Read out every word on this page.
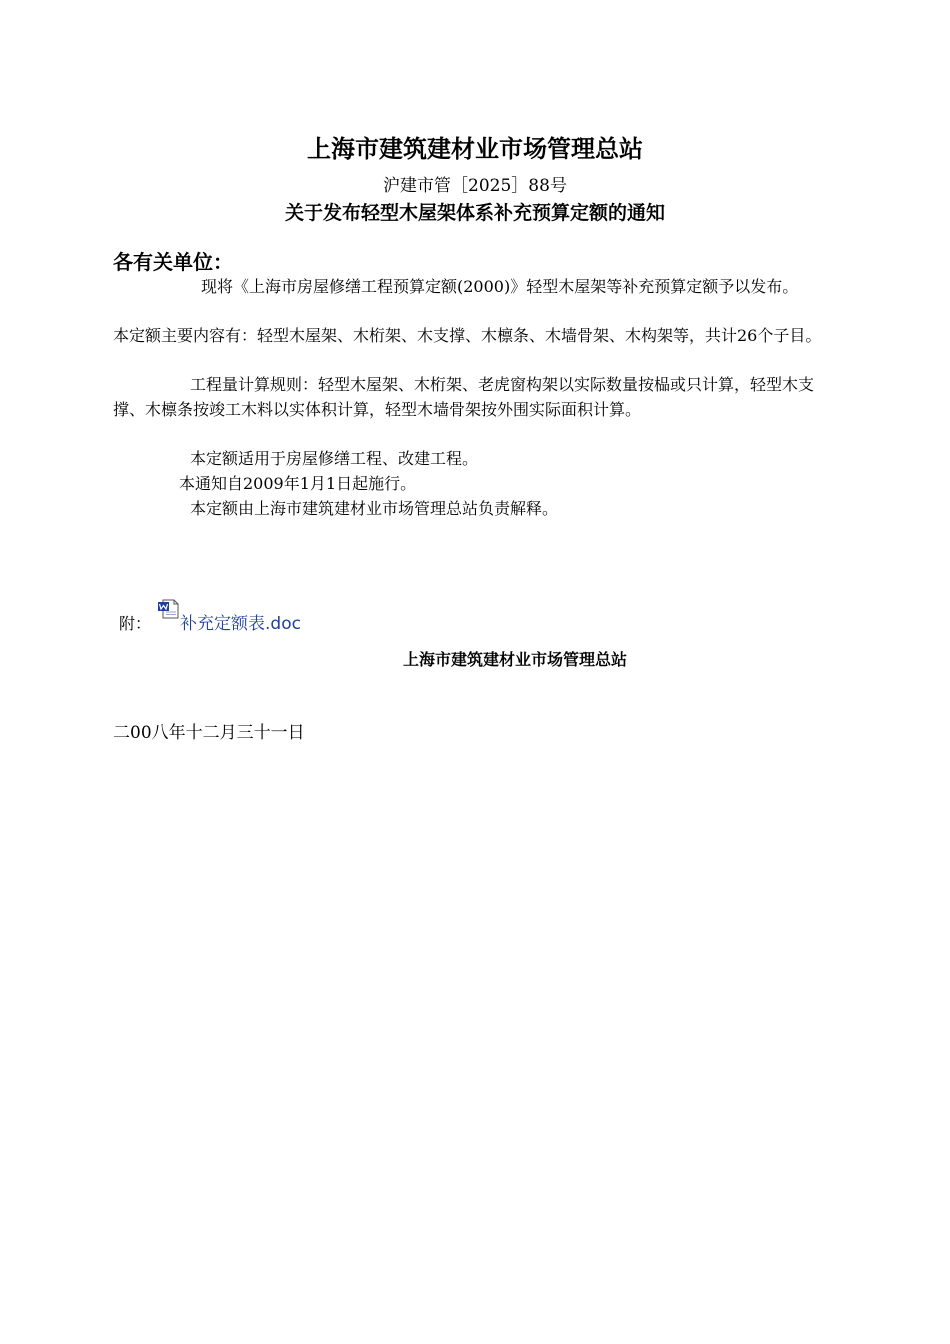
上海市建筑建材业市场管理总站
沪建市管［2025］88号
关于发布轻型木屋架体系补充预算定额的通知
各有关单位：

现将《上海市房屋修缮工程预算定额(2000)》轻型木屋架等补充预算定额予以发布。

本定额主要内容有：轻型木屋架、木桁架、木支撑、木檩条、木墙骨架、木构架等，共计26个子目。

工程量计算规则：轻型木屋架、木桁架、老虎窗构架以实际数量按榀或只计算，轻型木支撑、木檩条按竣工木料以实体积计算，轻型木墙骨架按外围实际面积计算。

本定额适用于房屋修缮工程、改建工程。

本通知自2009年1月1日起施行。

本定额由上海市建筑建材业市场管理总站负责解释。

附： 补充定额表.doc
上海市建筑建材业市场管理总站
二00八年十二月三十一日
